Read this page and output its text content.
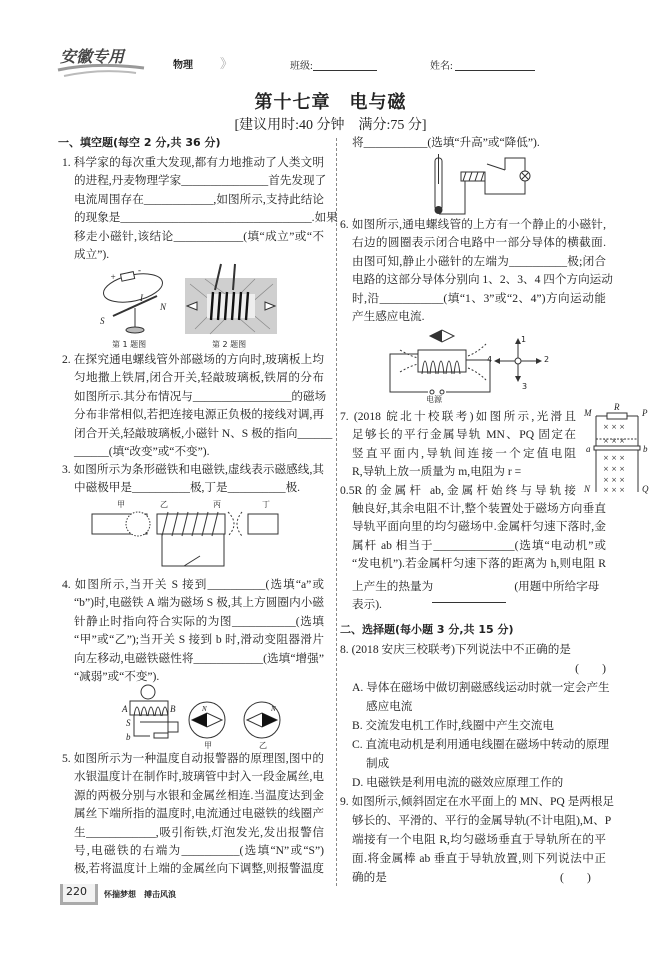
安徽专用	物理 》	班级:	姓名:
第十七章　电与磁
[建议用时:40 分钟　满分:75 分]
一、填空题(每空 2 分,共 36 分)
1. 科学家的每次重大发现,都有力地推动了人类文明
的进程,丹麦物理学家_______________首先发现了
电流周围存在____________,如图所示,支持此结论
的现象是_________________________________.如果
移走小磁针,该结论____________(填“成立”或“不
成立”).
+
-
I
N
S
第 1 题图	第 2 题图
2. 在探究通电螺线管外部磁场的方向时,玻璃板上均
匀地撒上铁屑,闭合开关,轻敲玻璃板,铁屑的分布
如图所示.其分布情况与_________________的磁场
分布非常相似,若把连接电源正负极的接线对调,再
闭合开关,轻敲玻璃板,小磁针 N、S 极的指向______
______(填“改变”或“不变”).
3. 如图所示为条形磁铁和电磁铁,虚线表示磁感线,其
中磁极甲是__________极,丁是__________极.
甲	乙	丙	丁
4. 如图所示,当开关 S 接到__________(选填“a”或
“b”)时,电磁铁 A 端为磁场 S 极,其上方圆圈内小磁
针静止时指向符合实际的为图___________(选填
“甲”或“乙”);当开关 S 接到 b 时,滑动变阻器滑片
向左移动,电磁铁磁性将____________(选填“增强”
“减弱”或“不变”).
A	B
S
b
N	N
甲	乙
5. 如图所示为一种温度自动报警器的原理图,图中的
水银温度计在制作时,玻璃管中封入一段金属丝,电
源的两极分别与水银和金属丝相连.当温度达到金
属丝下端所指的温度时,电流通过电磁铁的线圈产
生____________,吸引衔铁,灯泡发光,发出报警信
号,电磁铁的右端为__________(选填“N”或“S”)
极,若将温度计上端的金属丝向下调整,则报警温度
220 怀揣梦想　搏击风浪
将___________(选填“升高”或“降低”).
6. 如图所示,通电螺线管的上方有一个静止的小磁针,
右边的圆圈表示闭合电路中一部分导体的横截面.
由图可知,静止小磁针的左端为__________极;闭合
电路的这部分导体分别向 1、2、3、4 四个方向运动
时,沿___________(填“1、3”或“2、4”)方向运动能
产生感应电流.
1
2
3
4
电源
7. (2018 皖北十校联考)如图所示,光滑且
足够长的平行金属导轨 MN、PQ 固定在
竖直平面内,导轨间连接一个定值电阻
R,导轨上放一质量为 m,电阻为 r =
0.5R的金属杆 ab,金属杆始终与导轨接
触良好,其余电阻不计,整个装置处于磁场方向垂直
导轨平面向里的均匀磁场中.金属杆匀速下落时,金
属杆 ab 相当于______________(选填“电动机”或
“发电机”).若金属杆匀速下落的距离为 h,则电阻 R
上产生的热量为　　　　　　　(用题中所给字母
表示).
× × ×
× × ×
× × ×
× × ×
× × ×
× × ×
M
R
P
a	b
N	Q
二、选择题(每小题 3 分,共 15 分)
8. (2018 安庆三校联考)下列说法中不正确的是
(　　)
A. 导体在磁场中做切割磁感线运动时就一定会产生
感应电流
B. 交流发电机工作时,线圈中产生交流电
C. 直流电动机是利用通电线圈在磁场中转动的原理
制成
D. 电磁铁是利用电流的磁效应原理工作的
9. 如图所示,倾斜固定在水平面上的 MN、PQ 是两根足
够长的、平滑的、平行的金属导轨(不计电阻),M、P
端接有一个电阻 R,均匀磁场垂直于导轨所在的平
面.将金属棒 ab 垂直于导轨放置,则下列说法中正
确的是	(　　)
